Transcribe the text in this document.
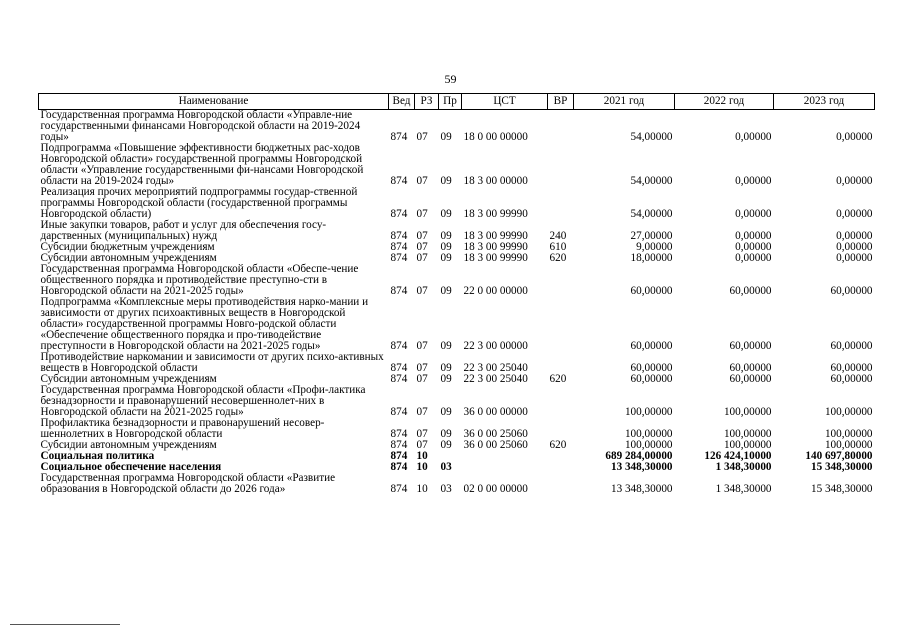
59
Наименование	Вед	РЗ	Пр	ЦСТ	ВР	2021 год	2022 год	2023 год
Государственная программа Новгородской области «Управле-ние государственными финансами Новгородской области на 2019-2024 годы»	874	07	09	18 0 00 00000		54,00000	0,00000	0,00000
Подпрограмма «Повышение эффективности бюджетных рас-ходов Новгородской области» государственной программы Новгородской области «Управление государственными фи-нансами Новгородской области на 2019-2024 годы»	874	07	09	18 3 00 00000		54,00000	0,00000	0,00000
Реализация прочих мероприятий подпрограммы государ-ственной программы Новгородской области (государственной программы Новгородской области)	874	07	09	18 3 00 99990		54,00000	0,00000	0,00000
Иные закупки товаров, работ и услуг для обеспечения госу-дарственных (муниципальных) нужд	874	07	09	18 3 00 99990	240	27,00000	0,00000	0,00000
Субсидии бюджетным учреждениям	874	07	09	18 3 00 99990	610	9,00000	0,00000	0,00000
Субсидии автономным учреждениям	874	07	09	18 3 00 99990	620	18,00000	0,00000	0,00000
Государственная программа Новгородской области «Обеспе-чение общественного порядка и противодействие преступно-сти в Новгородской области на 2021-2025 годы»	874	07	09	22 0 00 00000		60,00000	60,00000	60,00000
Подпрограмма «Комплексные меры противодействия нарко-мании и зависимости от других психоактивных веществ в Новгородской области» государственной программы Новго-родской области «Обеспечение общественного порядка и про-тиводействие преступности в Новгородской области на 2021-2025 годы»	874	07	09	22 3 00 00000		60,00000	60,00000	60,00000
Противодействие наркомании и зависимости от других психо-активных веществ в Новгородской области	874	07	09	22 3 00 25040		60,00000	60,00000	60,00000
Субсидии автономным учреждениям	874	07	09	22 3 00 25040	620	60,00000	60,00000	60,00000
Государственная программа Новгородской области «Профи-лактика безнадзорности и правонарушений несовершеннолет-них в Новгородской области на 2021-2025 годы»	874	07	09	36 0 00 00000		100,00000	100,00000	100,00000
Профилактика безнадзорности и правонарушений несовер-шеннолетних в Новгородской области	874	07	09	36 0 00 25060		100,00000	100,00000	100,00000
Субсидии автономным учреждениям	874	07	09	36 0 00 25060	620	100,00000	100,00000	100,00000
Социальная политика	874	10				689 284,00000	126 424,10000	140 697,80000
Социальное обеспечение населения	874	10	03			13 348,30000	1 348,30000	15 348,30000
Государственная программа Новгородской области «Развитие образования в Новгородской области до 2026 года»	874	10	03	02 0 00 00000		13 348,30000	1 348,30000	15 348,30000
